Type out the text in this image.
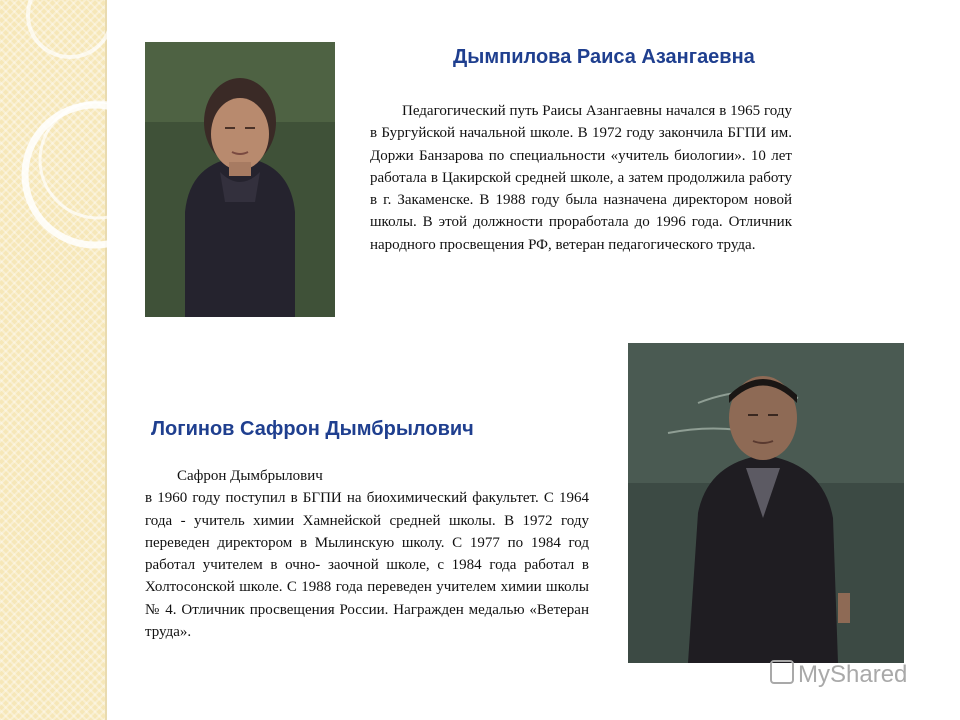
Дымпилова Раиса Азангаевна

Педагогический путь Раисы Азангаевны начался в 1965 году в Бургуйской начальной школе. В 1972 году закончила БГПИ им. Доржи Банзарова по специальности «учитель биологии». 10 лет работала в Цакирской средней школе, а затем продолжила работу в г. Закаменске. В 1988 году была назначена директором новой школы. В этой должности проработала до 1996 года. Отличник народного просвещения РФ, ветеран педагогического труда.

Логинов Сафрон Дымбрылович

Сафрон Дымбрылович

в 1960 году поступил в БГПИ на биохимический факультет. С 1964 года - учитель химии Хамнейской средней школы. В 1972 году переведен директором в Мылинскую школу. С 1977 по 1984 год работал учителем в очно- заочной школе, с 1984 года работал в Холтосонской школе. С 1988 года переведен учителем химии школы № 4. Отличник просвещения России. Награжден медалью «Ветеран труда».

MyShared
